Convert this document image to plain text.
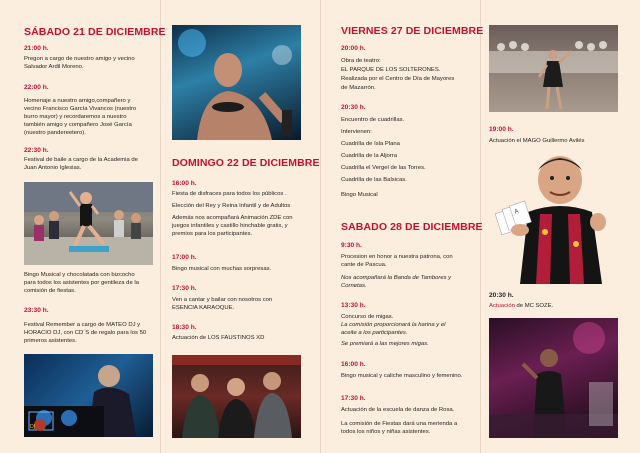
SÁBADO 21 DE DICIEMBRE
21:00 h.
Pregon a cargo de nuestro amigo y vecino
Salvador Ardil Moreno.
22:00 h.
Homenaje a nuestro amigo,compañero y
vecino Francisco García Vivancos (nuestro
burro mayor) y recordaremos a nuestro
también amigo y compañero José García
(nuestro pandereetero).
22:30 h.
Festival de baile a cargo de la Academia de
Juan Antonio Iglesias.
Bingo Musical y chocolatada con bizcocho
para todos los asistentes por gentileza de la
comisión de fiestas.
23:30 h.
Festival Remember a cargo de MATEO DJ y
HORACIO DJ, con CD´S de regalo para los 50
primeros asistentes.
DJ
DOMINGO 22 DE DICIEMBRE
16:00 h.
Fiesta de disfraces para todos los públicos .
Elección del Rey y Reina Infantil y de Adultos
Además nos acompañará Animación ZDE con
juegos infantiles y castillo hinchable gratis, y
premios para los participantes.
17:00 h.
Bingo musical con muchas sorpresas.
17:30 h.
Ven a cantar y bailar con nosotros con
ESENCIA KARAOQUE.
18:30 h.
Actuación de LOS FAUSTINOS XD
VIERNES 27 DE DICIEMBRE
20:00 h.
Obra de teatro:
EL PARQUE DE LOS SOLTERONES.
Realizada por el Centro de Día de Mayores
de Mazarrón.
20:30 h.
Encuentro de cuadrillas.
Intervienen:
Cuadrilla de Isla Plana
Cuadrilla de la Aljorra
Cuadrilla el Vergel de las Torres.
Cuadrilla de las Balsicas.
Bingo Musical
SABADO 28 DE DICIEMBRE
9:30 h.
Procesion en honor a nuestra patrona, con
cante de Pascua.
Nos acompañará la Banda de Tambores y
Cornetas.
13:30 h.
Concurso de migas.
La comisión proporcionará la harina y el
aceite a los participantes.
Se premiará a las mejores migas.
16:00 h.
Bingo musical y caliche masculino y femenino.
17:30 h.
Actuación de la escuela de danza de Rosa.
La comisión de Fiestas dará una merienda a
todos los niños y niñas asistentes.
19:00 h.
Actuación el MAGO Guillermo Avilés
A
20:30 h.
Actuación de MC SOZE.
